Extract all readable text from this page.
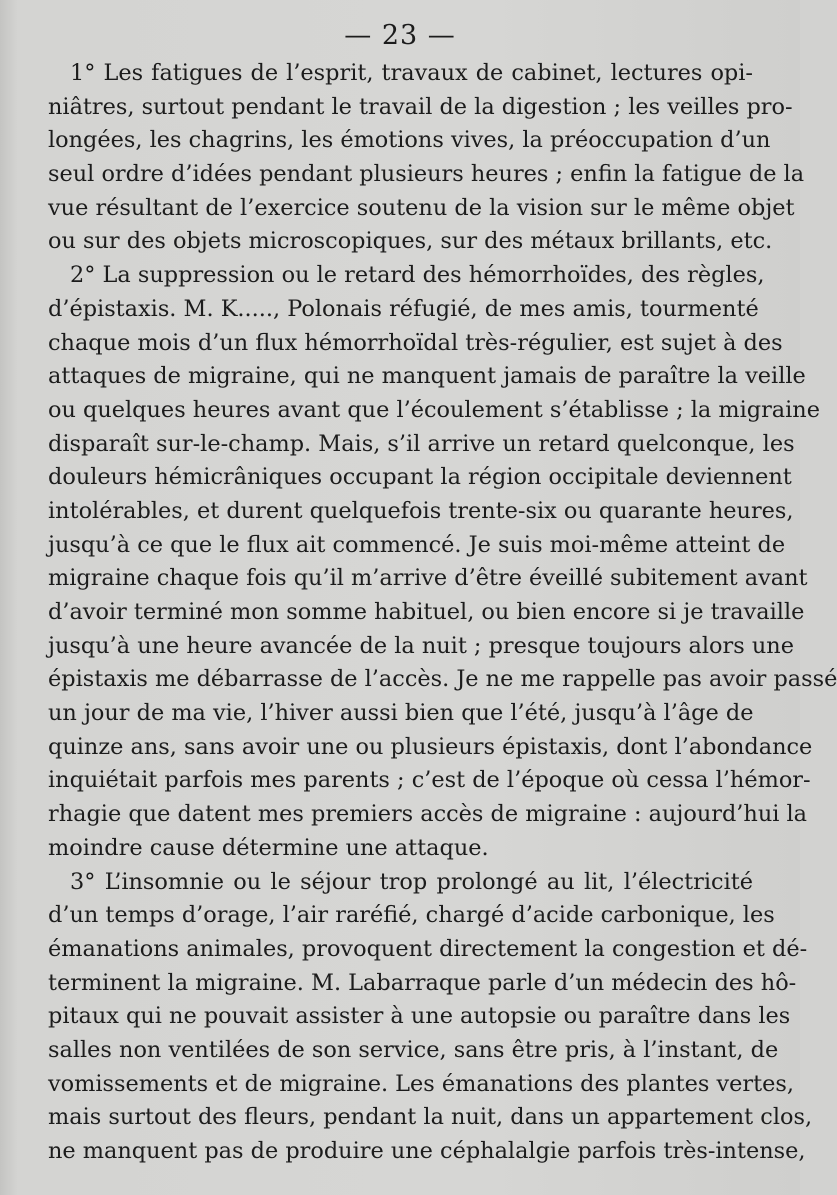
— 23 —
1° Les fatigues de l’esprit, travaux de cabinet, lectures opi-
niâtres, surtout pendant le travail de la digestion ; les veilles pro-
longées, les chagrins, les émotions vives, la préoccupation d’un
seul ordre d’idées pendant plusieurs heures ; enfin la fatigue de la
vue résultant de l’exercice soutenu de la vision sur le même objet
ou sur des objets microscopiques, sur des métaux brillants, etc.
2° La suppression ou le retard des hémorrhoïdes, des règles,
d’épistaxis. M. K....., Polonais réfugié, de mes amis, tourmenté
chaque mois d’un flux hémorrhoïdal très-régulier, est sujet à des
attaques de migraine, qui ne manquent jamais de paraître la veille
ou quelques heures avant que l’écoulement s’établisse ; la migraine
disparaît sur-le-champ. Mais, s’il arrive un retard quelconque, les
douleurs hémicrâniques occupant la région occipitale deviennent
intolérables, et durent quelquefois trente-six ou quarante heures,
jusqu’à ce que le flux ait commencé. Je suis moi-même atteint de
migraine chaque fois qu’il m’arrive d’être éveillé subitement avant
d’avoir terminé mon somme habituel, ou bien encore si je travaille
jusqu’à une heure avancée de la nuit ; presque toujours alors une
épistaxis me débarrasse de l’accès. Je ne me rappelle pas avoir passé
un jour de ma vie, l’hiver aussi bien que l’été, jusqu’à l’âge de
quinze ans, sans avoir une ou plusieurs épistaxis, dont l’abondance
inquiétait parfois mes parents ; c’est de l’époque où cessa l’hémor-
rhagie que datent mes premiers accès de migraine : aujourd’hui la
moindre cause détermine une attaque.
3° L’insomnie ou le séjour trop prolongé au lit, l’électricité
d’un temps d’orage, l’air raréfié, chargé d’acide carbonique, les
émanations animales, provoquent directement la congestion et dé-
terminent la migraine. M. Labarraque parle d’un médecin des hô-
pitaux qui ne pouvait assister à une autopsie ou paraître dans les
salles non ventilées de son service, sans être pris, à l’instant, de
vomissements et de migraine. Les émanations des plantes vertes,
mais surtout des fleurs, pendant la nuit, dans un appartement clos,
ne manquent pas de produire une céphalalgie parfois très-intense,
